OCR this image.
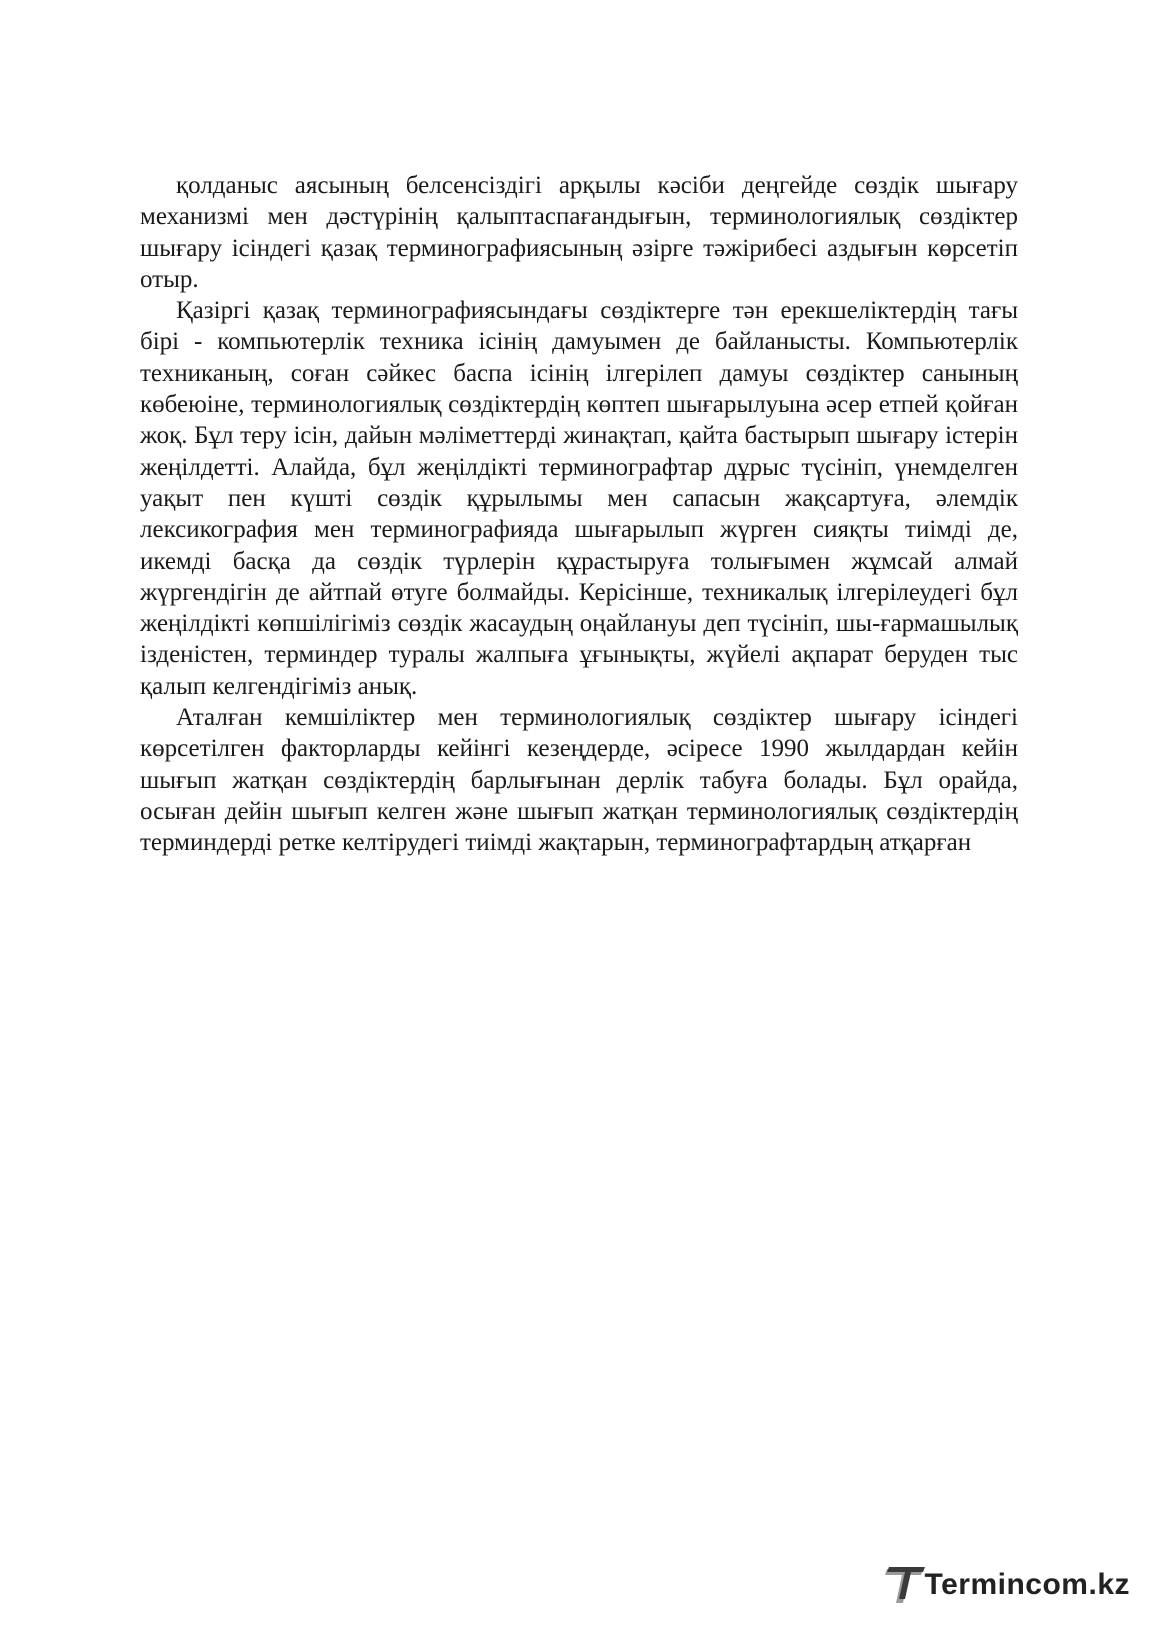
қолданыс аясының белсенсіздігі арқылы кәсіби деңгейде сөздік шығару механизмі мен дәстүрінің қалыптаспағандығын, терминологиялық сөздіктер шығару ісіндегі қазақ терминографиясының әзірге тәжірибесі аздығын көрсетіп отыр.

Қазіргі қазақ терминографиясындағы сөздіктерге тән ерекшеліктердің тағы бірі - компьютерлік техника ісінің дамуымен де байланысты. Компьютерлік техниканың, соған сәйкес баспа ісінің ілгерілеп дамуы сөздіктер санының көбеюіне, терминологиялық сөздіктердің көптеп шығарылуына әсер етпей қойған жоқ. Бұл теру ісін, дайын мәліметтерді жинақтап, қайта бастырып шығару істерін жеңілдетті. Алайда, бұл жеңілдікті терминографтар дұрыс түсініп, үнемделген уақыт пен күшті сөздік құрылымы мен сапасын жақсартуға, әлемдік лексикография мен терминографияда шығарылып жүрген сияқты тиімді де, икемді басқа да сөздік түрлерін құрастыруға толығымен жұмсай алмай жүргендігін де айтпай өтуге болмайды. Керісінше, техникалық ілгерілеудегі бұл жеңілдікті көпшілігіміз сөздік жасаудың оңайлануы деп түсініп, шы-ғармашылық ізденістен, терминдер туралы жалпыға ұғынықты, жүйелі ақпарат беруден тыс қалып келгендігіміз анық.

Аталған кемшіліктер мен терминологиялық сөздіктер шығару ісіндегі көрсетілген факторларды кейінгі кезеңдерде, әсіресе 1990 жылдардан кейін шығып жатқан сөздіктердің барлығынан дерлік табуға болады. Бұл орайда, осыған дейін шығып келген және шығып жатқан терминологиялық сөздіктердің терминдерді ретке келтірудегі тиімді жақтарын, терминографтардың атқарған

Termincom.kz
